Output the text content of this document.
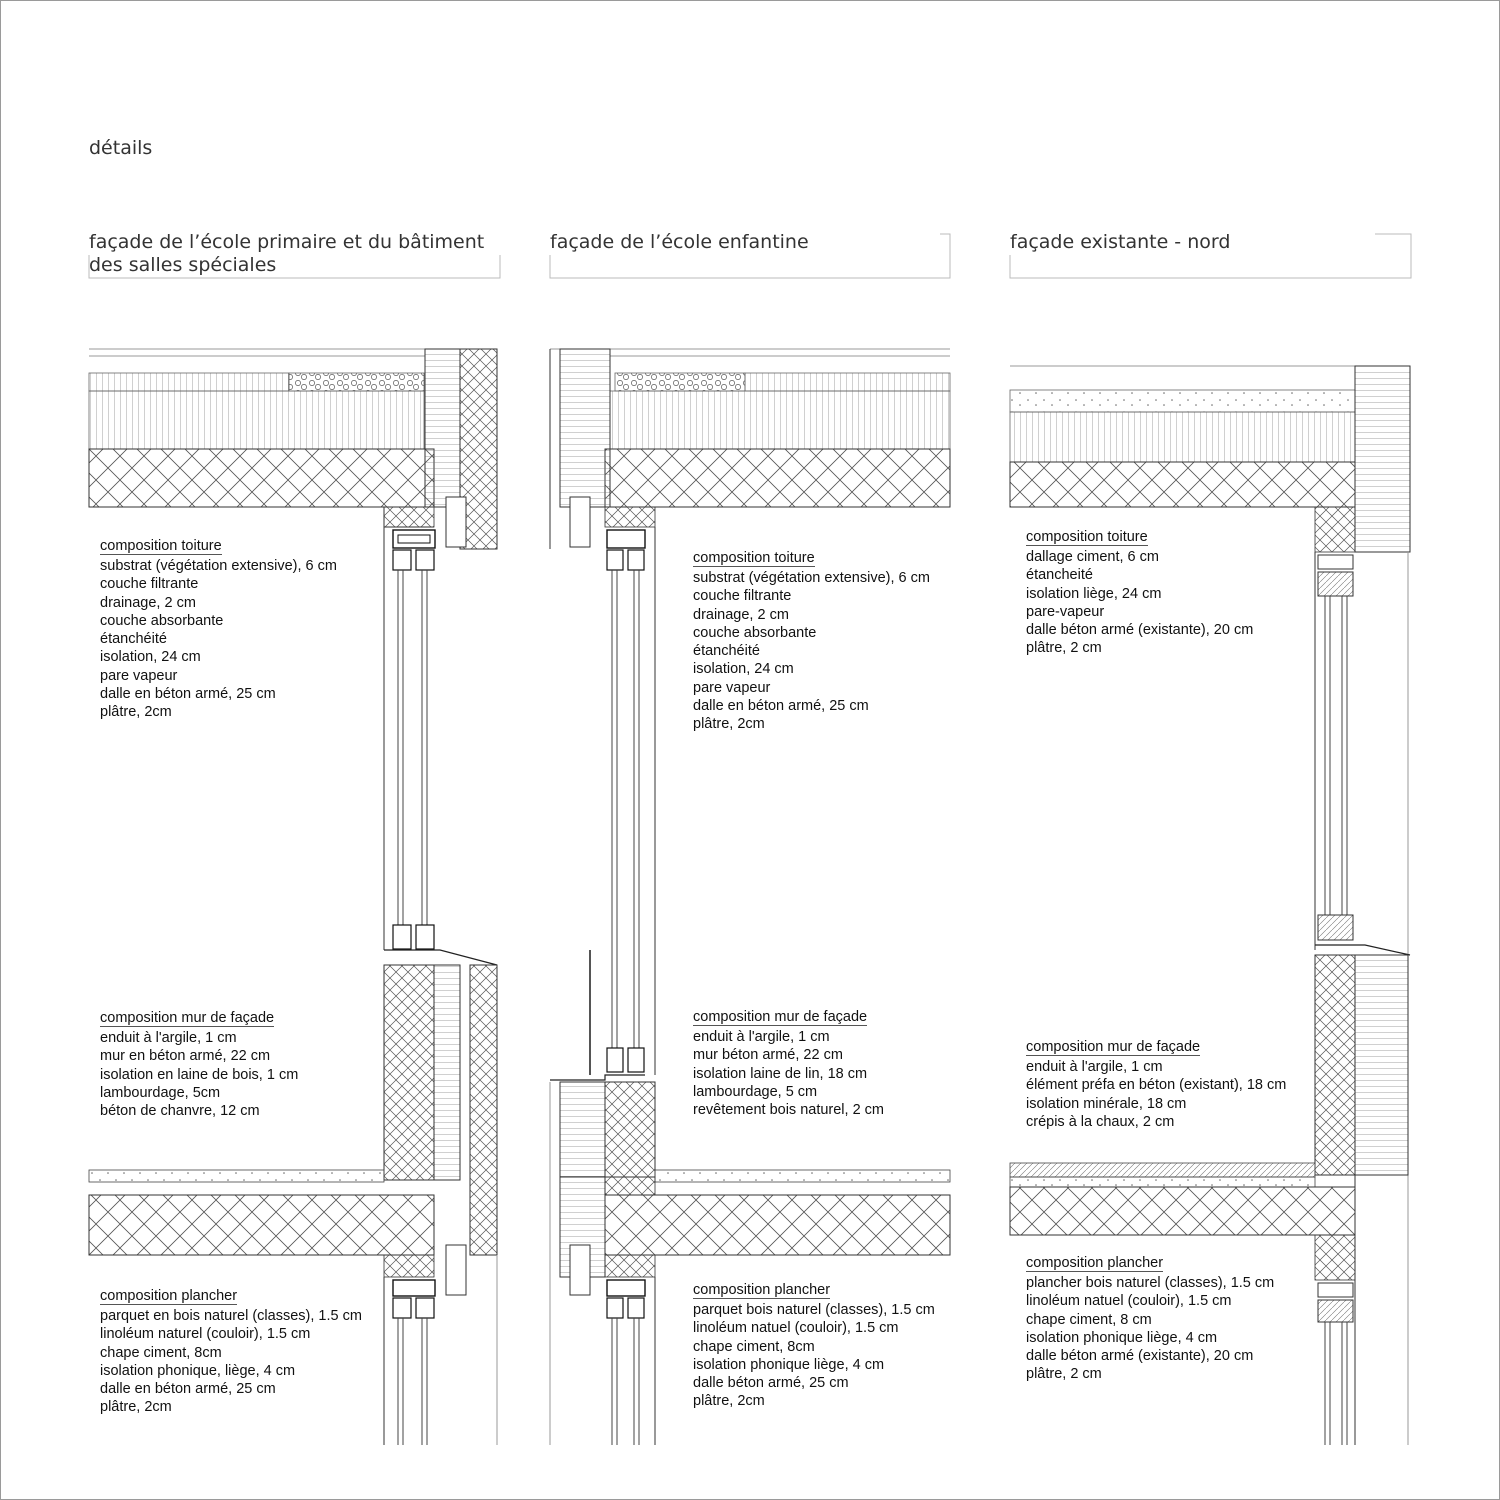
détails
façade de l’école primaire et du bâtiment des salles spéciales
façade de l’école enfantine	façade existante - nord
composition toiture
substrat (végétation extensive), 6 cm
couche filtrante
drainage, 2 cm
couche absorbante
étanchéité
isolation, 24 cm
pare vapeur
dalle en béton armé, 25 cm
plâtre, 2cm
composition mur de façade
enduit à l'argile, 1 cm
mur en béton armé, 22 cm
isolation en laine de bois, 1 cm
lambourdage, 5cm
béton de chanvre, 12 cm
composition plancher
parquet en bois naturel (classes), 1.5 cm
linoléum naturel (couloir), 1.5 cm
chape ciment, 8cm
isolation phonique, liège, 4 cm
dalle en béton armé, 25 cm
plâtre, 2cm
composition toiture
substrat (végétation extensive), 6 cm
couche filtrante
drainage, 2 cm
couche absorbante
étanchéité
isolation, 24 cm
pare vapeur
dalle en béton armé, 25 cm
plâtre, 2cm
composition mur de façade
enduit à l'argile, 1 cm
mur béton armé, 22 cm
isolation laine de lin, 18 cm
lambourdage, 5 cm
revêtement bois naturel, 2 cm
composition plancher
parquet bois naturel (classes), 1.5 cm
linoléum natuel (couloir), 1.5 cm
chape ciment, 8cm
isolation phonique liège, 4 cm
dalle béton armé, 25 cm
plâtre, 2cm
composition toiture
dallage ciment, 6 cm
étancheité
isolation liège, 24 cm
pare-vapeur
dalle béton armé (existante), 20 cm
plâtre, 2 cm
composition mur de façade
enduit à l'argile, 1 cm
élément préfa en béton (existant), 18 cm
isolation minérale, 18 cm
crépis à la chaux, 2 cm
composition plancher
plancher bois naturel (classes), 1.5 cm
linoléum natuel (couloir), 1.5 cm
chape ciment, 8 cm
isolation phonique liège, 4 cm
dalle béton armé (existante), 20 cm
plâtre, 2 cm
